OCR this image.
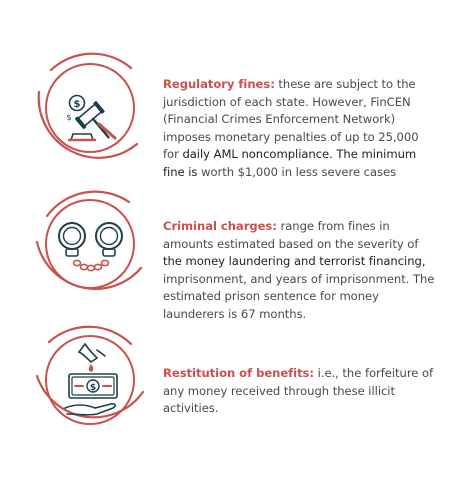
$
$
Regulatory fines: these are subject to the jurisdiction of each state. However, FinCEN (Financial Crimes Enforcement Network) imposes monetary penalties of up to 25,000 for daily AML noncompliance. The minimum fine is worth $1,000 in less severe cases
Criminal charges: range from fines in amounts estimated based on the severity of the money laundering and terrorist financing, imprisonment, and years of imprisonment. The estimated prison sentence for money launderers is 67 months.
$
Restitution of benefits: i.e., the forfeiture of any money received through these illicit activities.
